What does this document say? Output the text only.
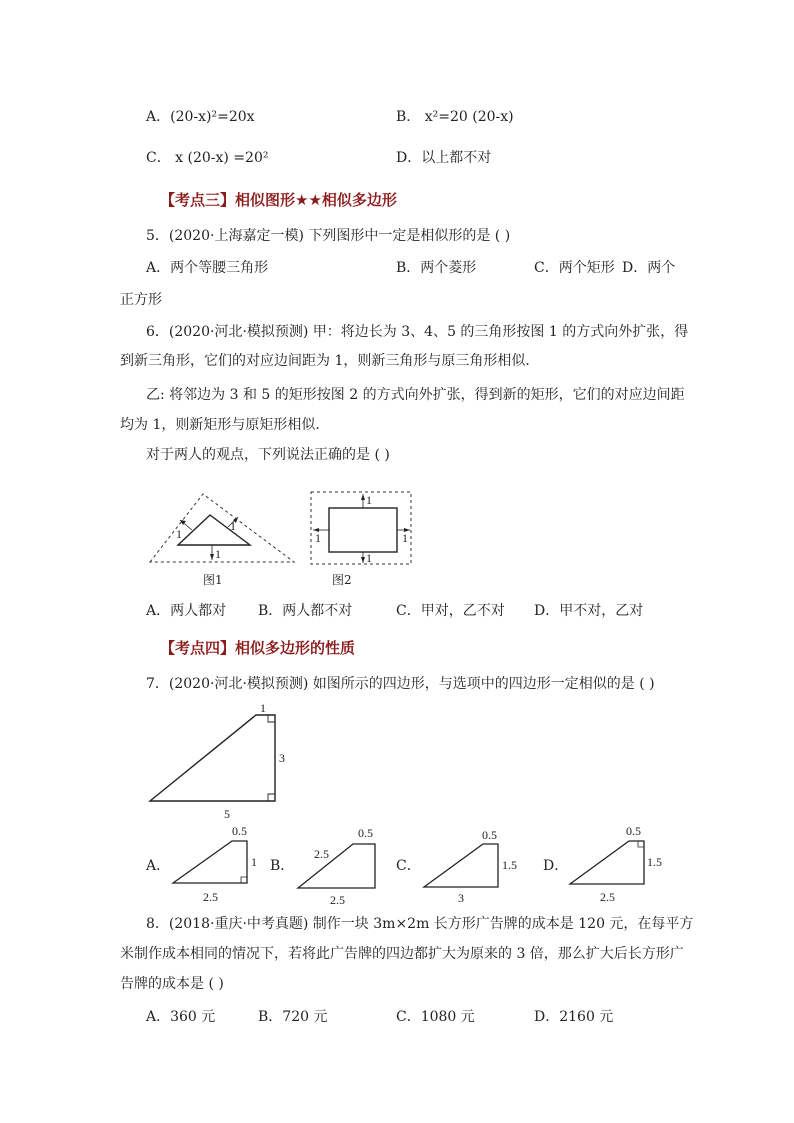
A．(20-x)²=20x	B． x²=20 (20-x)
C． x (20-x) =20²	D．以上都不对
【考点三】相似图形★★相似多边形
5．(2020·上海嘉定一模) 下列图形中一定是相似形的是 ( )
A．两个等腰三角形	B．两个菱形	C．两个矩形 D．两个
正方形
6．(2020·河北·模拟预测) 甲：将边长为 3、4、5 的三角形按图 1 的方式向外扩张，得
到新三角形，它们的对应边间距为 1，则新三角形与原三角形相似．
乙: 将邻边为 3 和 5 的矩形按图 2 的方式向外扩张，得到新的矩形，它们的对应边间距
均为 1，则新矩形与原矩形相似．
对于两人的观点，下列说法正确的是 ( )
1
1
1
图1
1
1
1	1
图2
A．两人都对 B．两人都不对	C．甲对，乙不对 D．甲不对，乙对
【考点四】相似多边形的性质
7．(2020·河北·模拟预测) 如图所示的四边形，与选项中的四边形一定相似的是 ( )
1
3
5
A．
0.5
1
2.5
B．
0.5
2.5
2.5
C．
0.5
1.5
3
D．
0.5
1.5
2.5
8．(2018·重庆·中考真题) 制作一块 3m×2m 长方形广告牌的成本是 120 元，在每平方
米制作成本相同的情况下，若将此广告牌的四边都扩大为原来的 3 倍，那么扩大后长方形广
告牌的成本是 ( )
A．360 元	B．720 元	C．1080 元	D．2160 元
